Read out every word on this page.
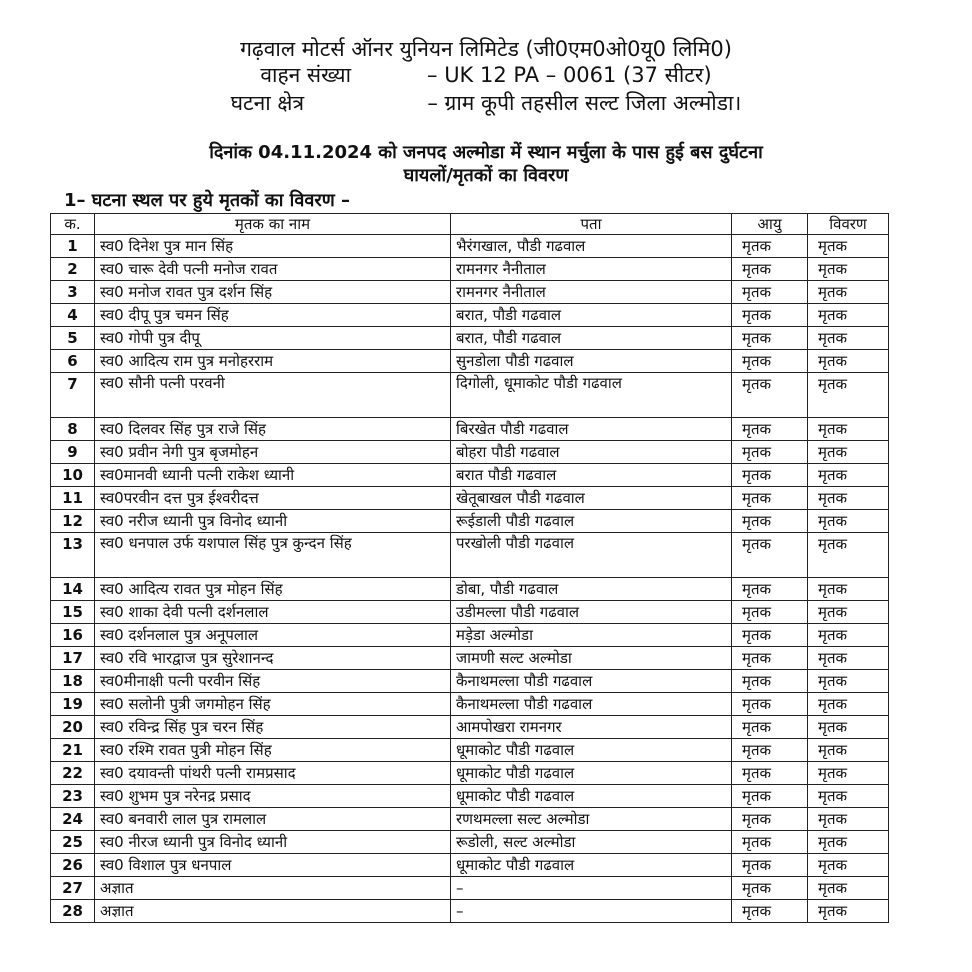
गढ़वाल मोटर्स ऑनर युनियन लिमिटेड (जी0एम0ओ0यू0 लिमि0)
वाहन संख्या	– UK 12 PA – 0061 (37 सीटर)
घटना क्षेत्र	– ग्राम कूपी तहसील सल्ट जिला अल्मोडा।
दिनांक 04.11.2024 को जनपद अल्मोडा में स्थान मर्चुला के पास हुई बस दुर्घटना
घायलों/मृतकों का विवरण
1– घटना स्थल पर हुये मृतकों का विवरण –
क.	मृतक का नाम	पता	आयु	विवरण
1	स्व0 दिनेश पुत्र मान सिंह	भैरंगखाल, पौडी गढवाल	मृतक	मृतक
2	स्व0 चारू देवी पत्नी मनोज रावत	रामनगर नैनीताल	मृतक	मृतक
3	स्व0 मनोज रावत पुत्र दर्शन सिंह	रामनगर नैनीताल	मृतक	मृतक
4	स्व0 दीपू पुत्र चमन सिंह	बरात, पौडी गढवाल	मृतक	मृतक
5	स्व0 गोपी पुत्र दीपू	बरात, पौडी गढवाल	मृतक	मृतक
6	स्व0 आदित्य राम पुत्र मनोहरराम	सुनडोला पौडी गढवाल	मृतक	मृतक
7	स्व0 सौनी पत्नी परवनी	दिगोली, धूमाकोट पौडी गढवाल	मृतक	मृतक
8	स्व0 दिलवर सिंह पुत्र राजे सिंह	बिरखेत पौडी गढवाल	मृतक	मृतक
9	स्व0 प्रवीन नेगी पुत्र बृजमोहन	बोहरा पौडी गढवाल	मृतक	मृतक
10	स्व0मानवी ध्यानी पत्नी राकेश ध्यानी	बरात पौडी गढवाल	मृतक	मृतक
11	स्व0परवीन दत्त पुत्र ईश्वरीदत्त	खेतूबाखल पौडी गढवाल	मृतक	मृतक
12	स्व0 नरीज ध्यानी पुत्र विनोद ध्यानी	रूईडाली पौडी गढवाल	मृतक	मृतक
13	स्व0 धनपाल उर्फ यशपाल सिंह पुत्र कुन्दन सिंह	परखोली पौडी गढवाल	मृतक	मृतक
14	स्व0 आदित्य रावत पुत्र मोहन सिंह	डोबा, पौडी गढवाल	मृतक	मृतक
15	स्व0 शाका देवी पत्नी दर्शनलाल	उडीमल्ला पौडी गढवाल	मृतक	मृतक
16	स्व0 दर्शनलाल पुत्र अनूपलाल	मड़ेडा अल्मोडा	मृतक	मृतक
17	स्व0 रवि भारद्वाज पुत्र सुरेशानन्द	जामणी सल्ट अल्मोडा	मृतक	मृतक
18	स्व0मीनाक्षी पत्नी परवीन सिंह	कैनाथमल्ला पौडी गढवाल	मृतक	मृतक
19	स्व0 सलोनी पुत्री जगमोहन सिंह	कैनाथमल्ला पौडी गढवाल	मृतक	मृतक
20	स्व0 रविन्द्र सिंह पुत्र चरन सिंह	आमपोखरा रामनगर	मृतक	मृतक
21	स्व0 रश्मि रावत पुत्री मोहन सिंह	धूमाकोट पौडी गढवाल	मृतक	मृतक
22	स्व0 दयावन्ती पांथरी पत्नी रामप्रसाद	धूमाकोट पौडी गढवाल	मृतक	मृतक
23	स्व0 शुभम पुत्र नरेनद्र प्रसाद	धूमाकोट पौडी गढवाल	मृतक	मृतक
24	स्व0 बनवारी लाल पुत्र रामलाल	रणथमल्ला सल्ट अल्मोडा	मृतक	मृतक
25	स्व0 नीरज ध्यानी पुत्र विनोद ध्यानी	रूडोली, सल्ट अल्मोडा	मृतक	मृतक
26	स्व0 विशाल पुत्र धनपाल	धूमाकोट पौडी गढवाल	मृतक	मृतक
27	अज्ञात	–	मृतक	मृतक
28	अज्ञात	–	मृतक	मृतक
